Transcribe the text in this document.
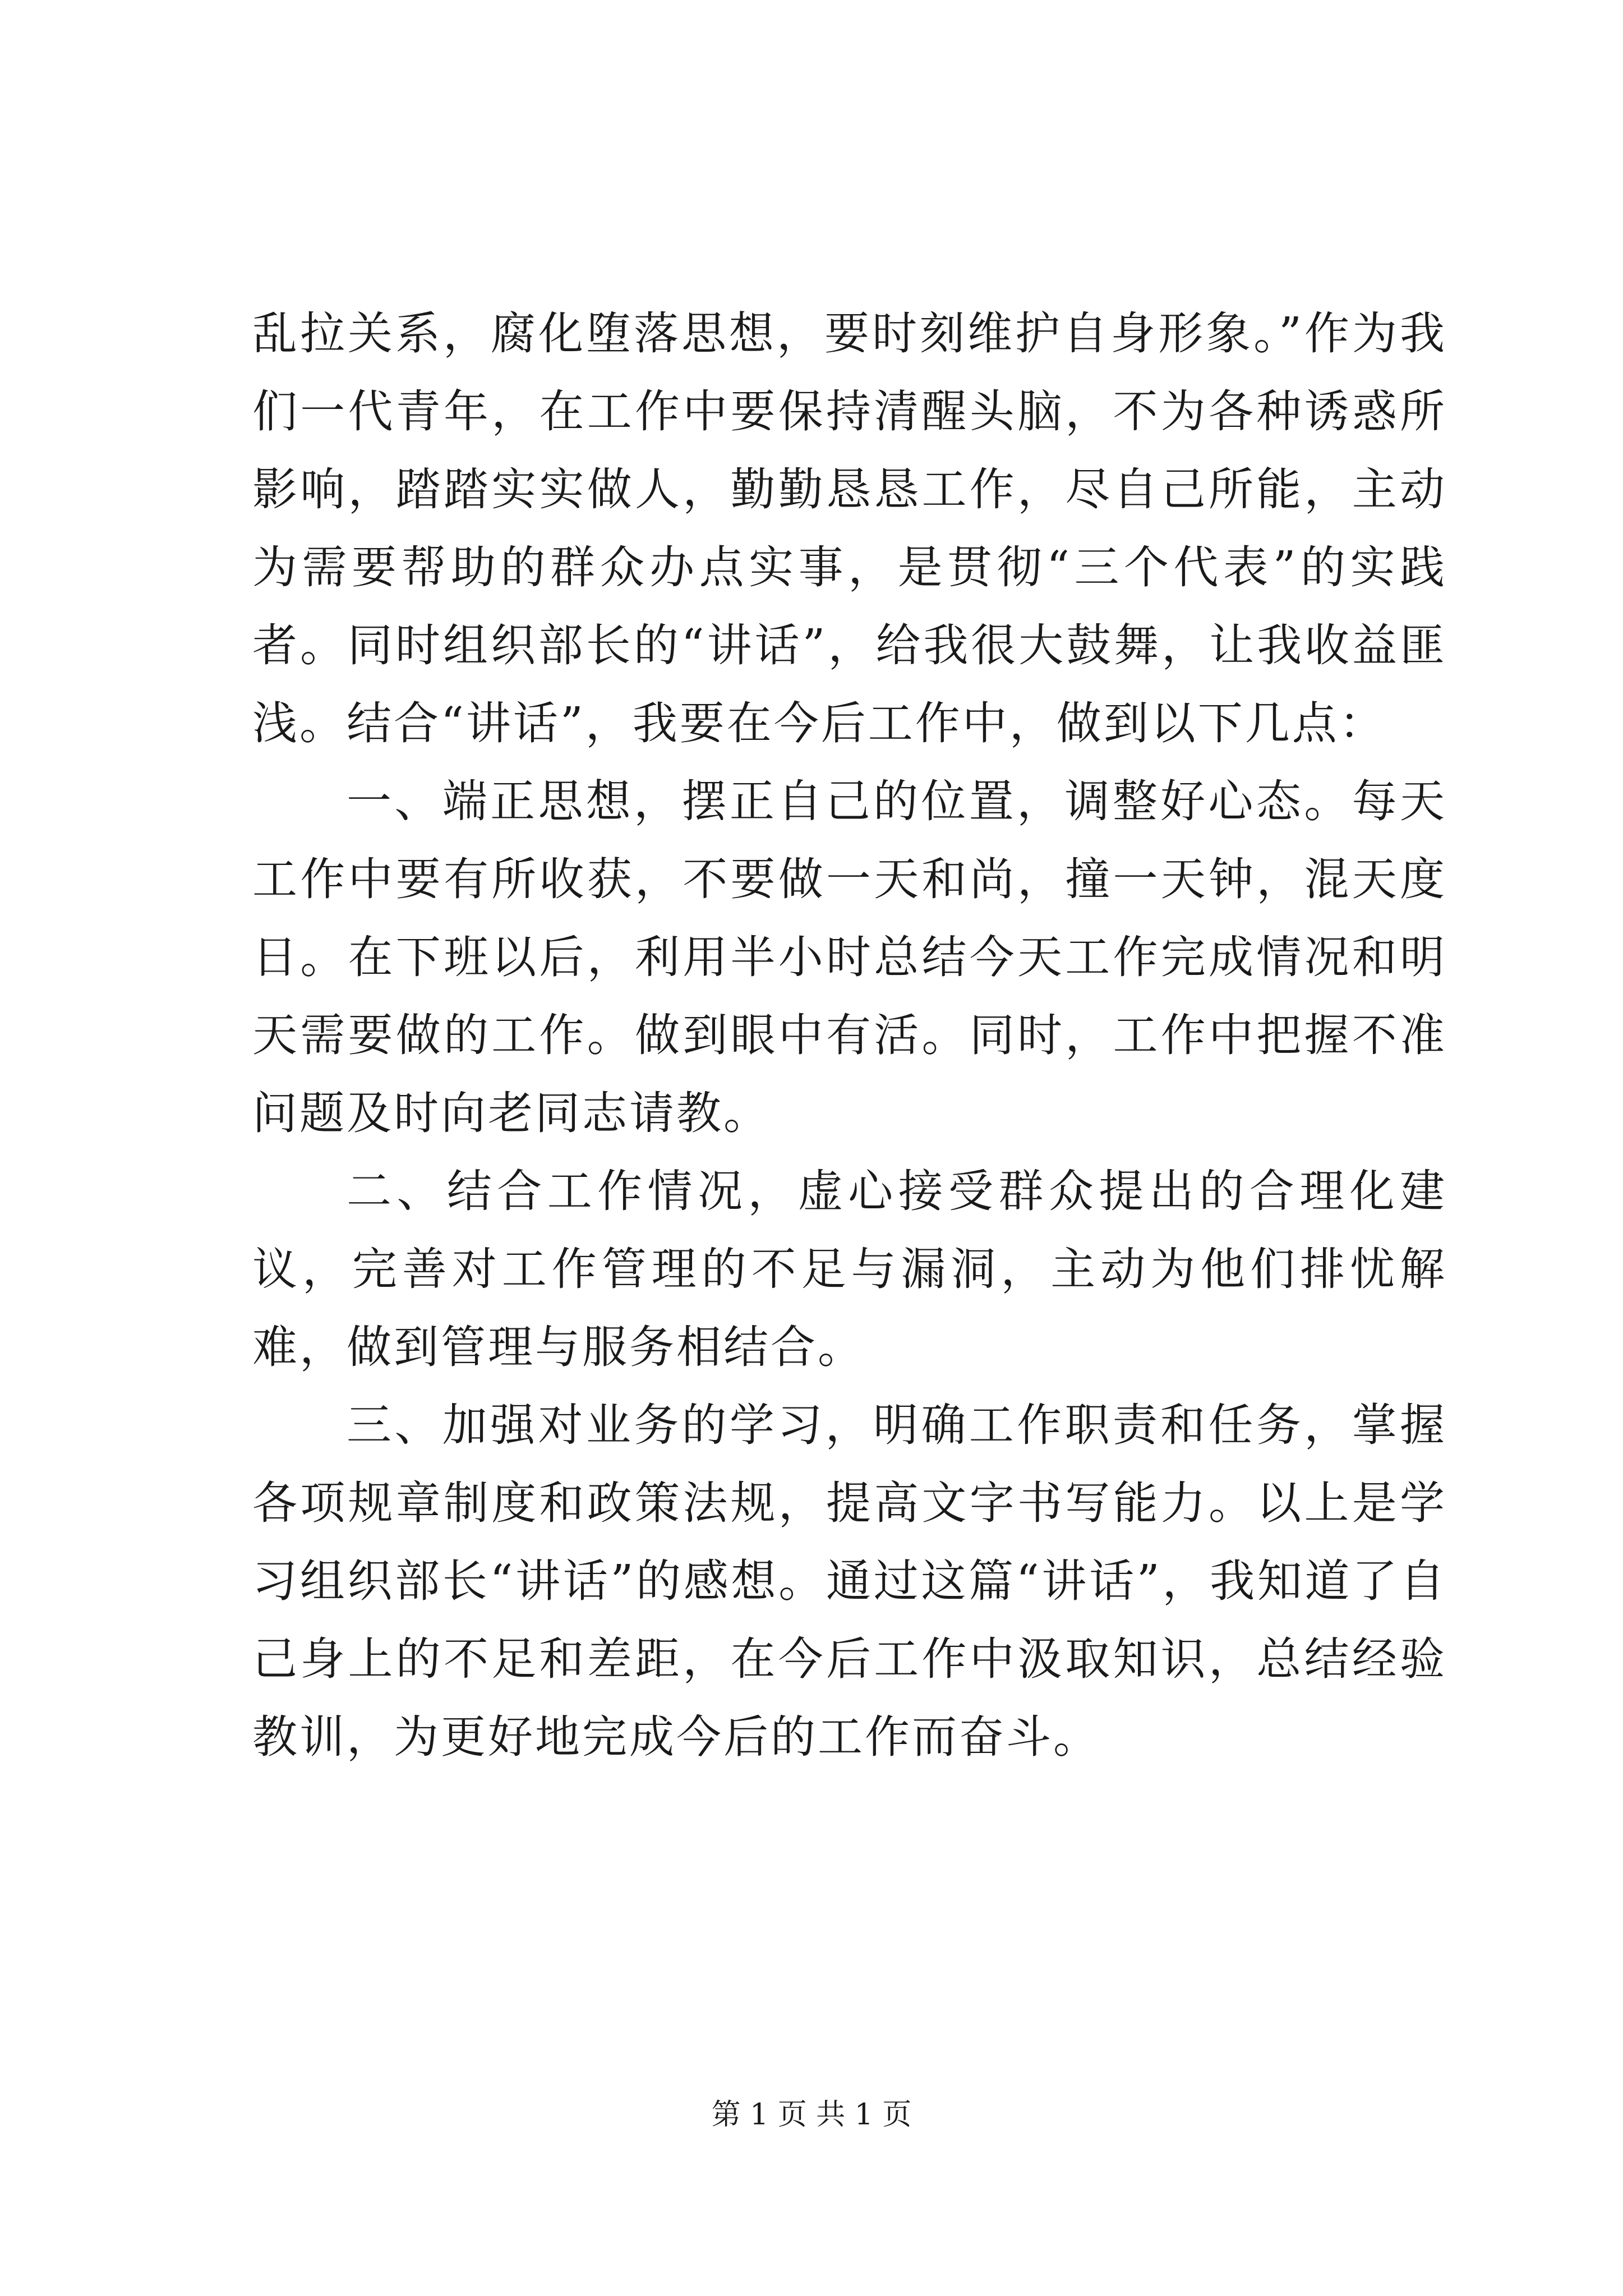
乱拉关系，腐化堕落思想，要时刻维护自身形象。”作为我们一代青年，在工作中要保持清醒头脑，不为各种诱惑所影响，踏踏实实做人，勤勤恳恳工作，尽自己所能，主动为需要帮助的群众办点实事，是贯彻“三个代表”的实践者。同时组织部长的“讲话”，给我很大鼓舞，让我收益匪浅。结合“讲话”，我要在今后工作中，做到以下几点：

一、端正思想，摆正自己的位置，调整好心态。每天工作中要有所收获，不要做一天和尚，撞一天钟，混天度日。在下班以后，利用半小时总结今天工作完成情况和明天需要做的工作。做到眼中有活。同时，工作中把握不准问题及时向老同志请教。

二、结合工作情况，虚心接受群众提出的合理化建议，完善对工作管理的不足与漏洞，主动为他们排忧解难，做到管理与服务相结合。

三、加强对业务的学习，明确工作职责和任务，掌握各项规章制度和政策法规，提高文字书写能力。以上是学习组织部长“讲话”的感想。通过这篇“讲话”，我知道了自己身上的不足和差距，在今后工作中汲取知识，总结经验教训，为更好地完成今后的工作而奋斗。

第 1 页 共 1 页
